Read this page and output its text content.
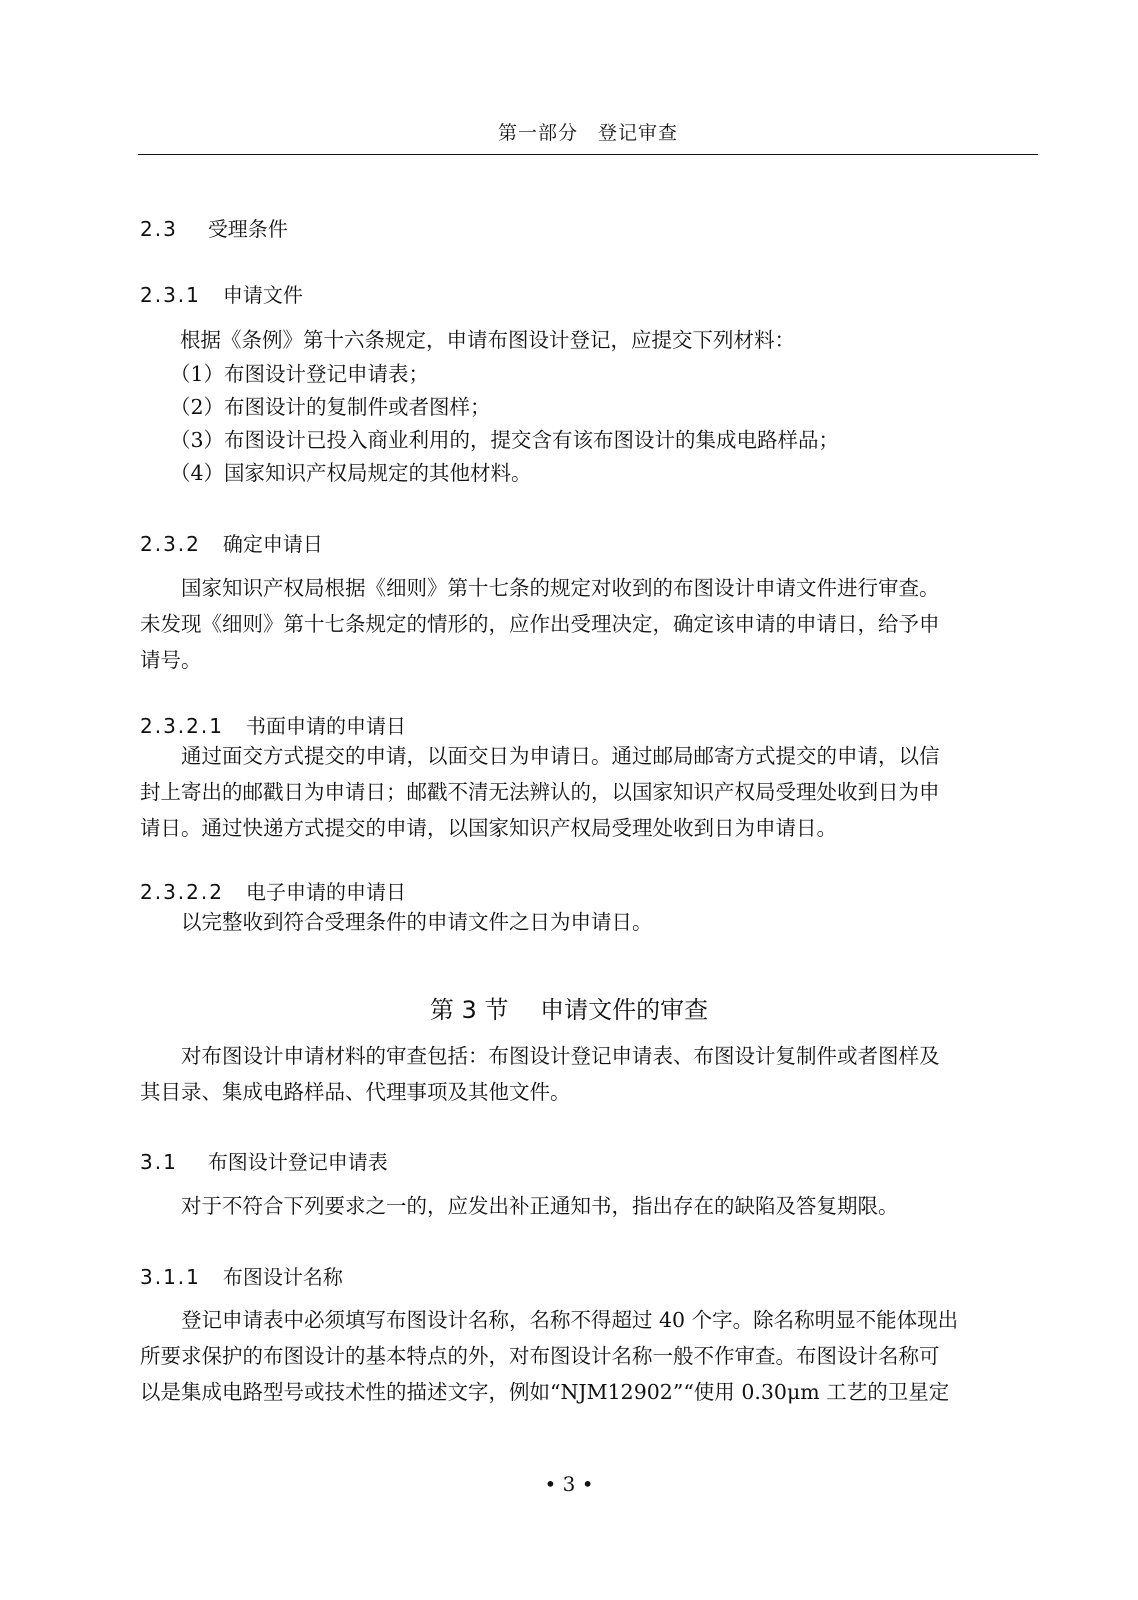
第一部分　登记审查
2.3 受理条件
2.3.1 申请文件
根据《条例》第十六条规定，申请布图设计登记，应提交下列材料：
（1）布图设计登记申请表；
（2）布图设计的复制件或者图样；
（3）布图设计已投入商业利用的，提交含有该布图设计的集成电路样品；
（4）国家知识产权局规定的其他材料。
2.3.2 确定申请日

　　国家知识产权局根据《细则》第十七条的规定对收到的布图设计申请文件进行审查。
未发现《细则》第十七条规定的情形的，应作出受理决定，确定该申请的申请日，给予申
请号。

2.3.2.1 书面申请的申请日

　　通过面交方式提交的申请，以面交日为申请日。通过邮局邮寄方式提交的申请，以信
封上寄出的邮戳日为申请日；邮戳不清无法辨认的，以国家知识产权局受理处收到日为申
请日。通过快递方式提交的申请，以国家知识产权局受理处收到日为申请日。

2.3.2.2 电子申请的申请日

　　以完整收到符合受理条件的申请文件之日为申请日。

第 3 节　 申请文件的审查

　　对布图设计申请材料的审查包括：布图设计登记申请表、布图设计复制件或者图样及
其目录、集成电路样品、代理事项及其他文件。

3.1 布图设计登记申请表

　　对于不符合下列要求之一的，应发出补正通知书，指出存在的缺陷及答复期限。

3.1.1 布图设计名称

　　登记申请表中必须填写布图设计名称，名称不得超过 40 个字。除名称明显不能体现出
所要求保护的布图设计的基本特点的外，对布图设计名称一般不作审查。布图设计名称可
以是集成电路型号或技术性的描述文字，例如“NJM12902”“使用 0.30μm 工艺的卫星定

• 3 •
